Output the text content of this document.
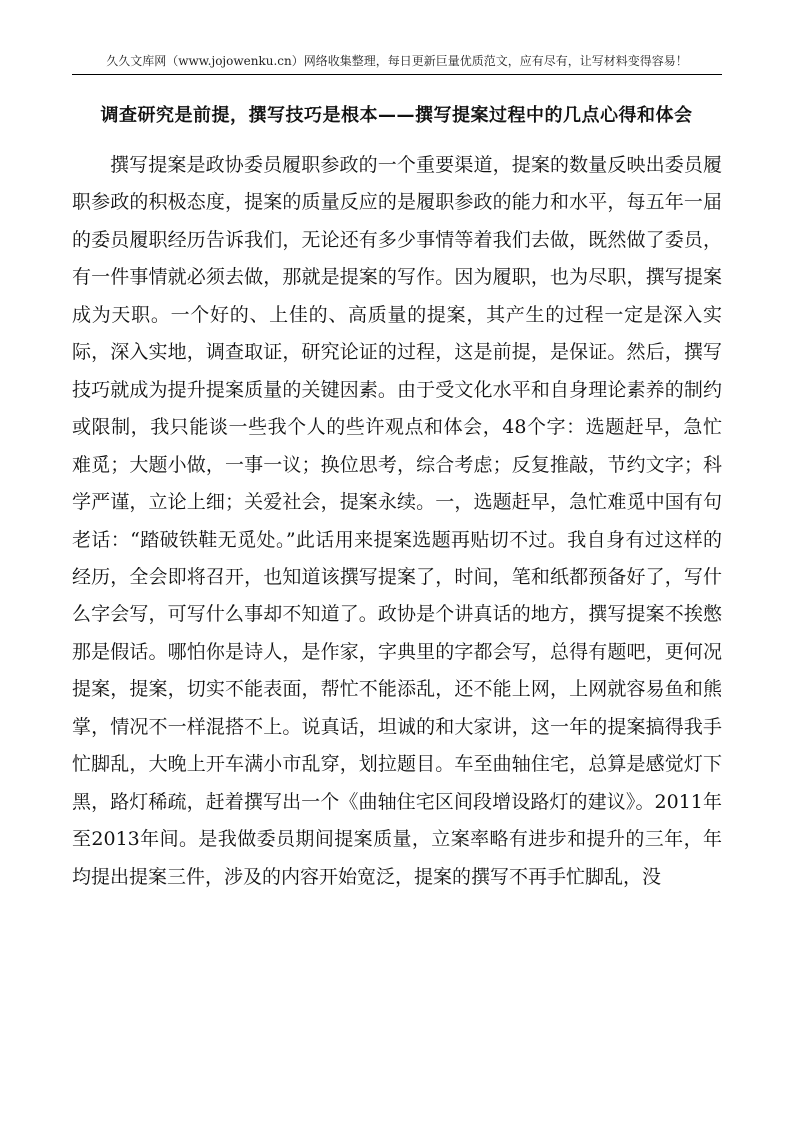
久久文库网（www.jojowenku.cn）网络收集整理，每日更新巨量优质范文，应有尽有，让写材料变得容易！
调查研究是前提，撰写技巧是根本——撰写提案过程中的几点心得和体会

撰写提案是政协委员履职参政的一个重要渠道，提案的数量反映出委员履职参政的积极态度，提案的质量反应的是履职参政的能力和水平，每五年一届的委员履职经历告诉我们，无论还有多少事情等着我们去做，既然做了委员，有一件事情就必须去做，那就是提案的写作。因为履职，也为尽职，撰写提案成为天职。一个好的、上佳的、高质量的提案，其产生的过程一定是深入实际，深入实地，调查取证，研究论证的过程，这是前提，是保证。然后，撰写技巧就成为提升提案质量的关键因素。由于受文化水平和自身理论素养的制约或限制，我只能谈一些我个人的些许观点和体会，48个字：选题赶早，急忙难觅；大题小做，一事一议；换位思考，综合考虑；反复推敲，节约文字；科学严谨，立论上细；关爱社会，提案永续。一，选题赶早，急忙难觅中国有句老话：“踏破铁鞋无觅处。”此话用来提案选题再贴切不过。我自身有过这样的经历，全会即将召开，也知道该撰写提案了，时间，笔和纸都预备好了，写什么字会写，可写什么事却不知道了。政协是个讲真话的地方，撰写提案不挨憋那是假话。哪怕你是诗人，是作家，字典里的字都会写，总得有题吧，更何况提案，提案，切实不能表面，帮忙不能添乱，还不能上网，上网就容易鱼和熊掌，情况不一样混搭不上。说真话，坦诚的和大家讲，这一年的提案搞得我手忙脚乱，大晚上开车满小市乱穿，划拉题目。车至曲轴住宅，总算是感觉灯下黑，路灯稀疏，赶着撰写出一个《曲轴住宅区间段增设路灯的建议》。2011年至2013年间。是我做委员期间提案质量，立案率略有进步和提升的三年，年均提出提案三件，涉及的内容开始宽泛，提案的撰写不再手忙脚乱，没
